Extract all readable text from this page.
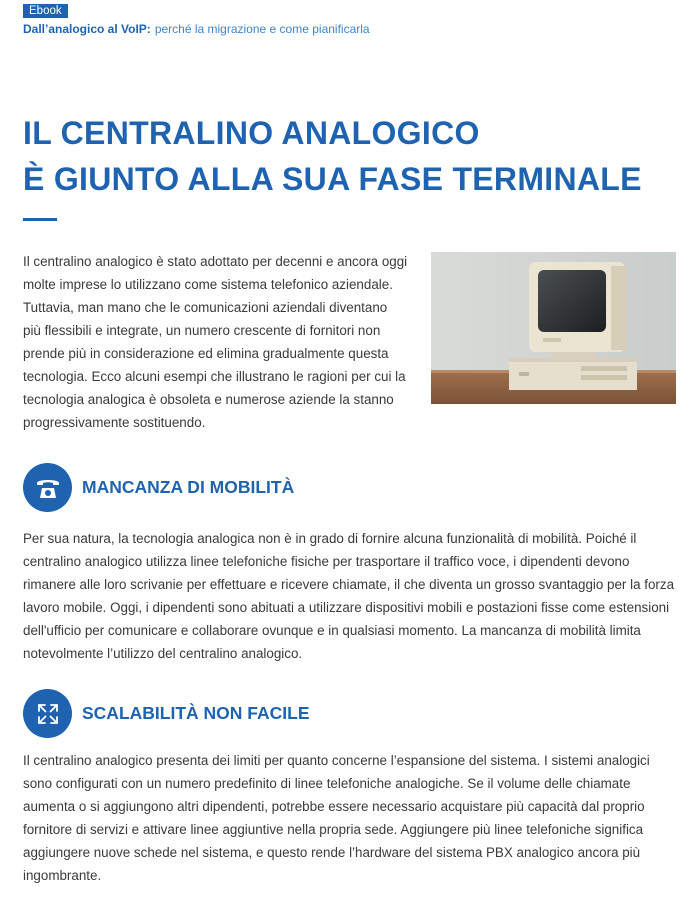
Ebook
Dall’analogico al VoIP: perché la migrazione e come pianificarla
IL CENTRALINO ANALOGICO
È GIUNTO ALLA SUA FASE TERMINALE

Il centralino analogico è stato adottato per decenni e ancora oggi molte imprese lo utilizzano come sistema telefonico aziendale. Tuttavia, man mano che le comunicazioni aziendali diventano più flessibili e integrate, un numero crescente di fornitori non prende più in considerazione ed elimina gradualmente questa tecnologia. Ecco alcuni esempi che illustrano le ragioni per cui la tecnologia analogica è obsoleta e numerose aziende la stanno progressivamente sostituendo.

MANCANZA DI MOBILITÀ

Per sua natura, la tecnologia analogica non è in grado di fornire alcuna funzionalità di mobilità. Poiché il centralino analogico utilizza linee telefoniche fisiche per trasportare il traffico voce, i dipendenti devono rimanere alle loro scrivanie per effettuare e ricevere chiamate, il che diventa un grosso svantaggio per la forza lavoro mobile. Oggi, i dipendenti sono abituati a utilizzare dispositivi mobili e postazioni fisse come estensioni dell'ufficio per comunicare e collaborare ovunque e in qualsiasi momento. La mancanza di mobilità limita notevolmente l’utilizzo del centralino analogico.

SCALABILITÀ NON FACILE

Il centralino analogico presenta dei limiti per quanto concerne l’espansione del sistema. I sistemi analogici sono configurati con un numero predefinito di linee telefoniche analogiche. Se il volume delle chiamate aumenta o si aggiungono altri dipendenti, potrebbe essere necessario acquistare più capacità dal proprio fornitore di servizi e attivare linee aggiuntive nella propria sede. Aggiungere più linee telefoniche significa aggiungere nuove schede nel sistema, e questo rende l’hardware del sistema PBX analogico ancora più ingombrante.
